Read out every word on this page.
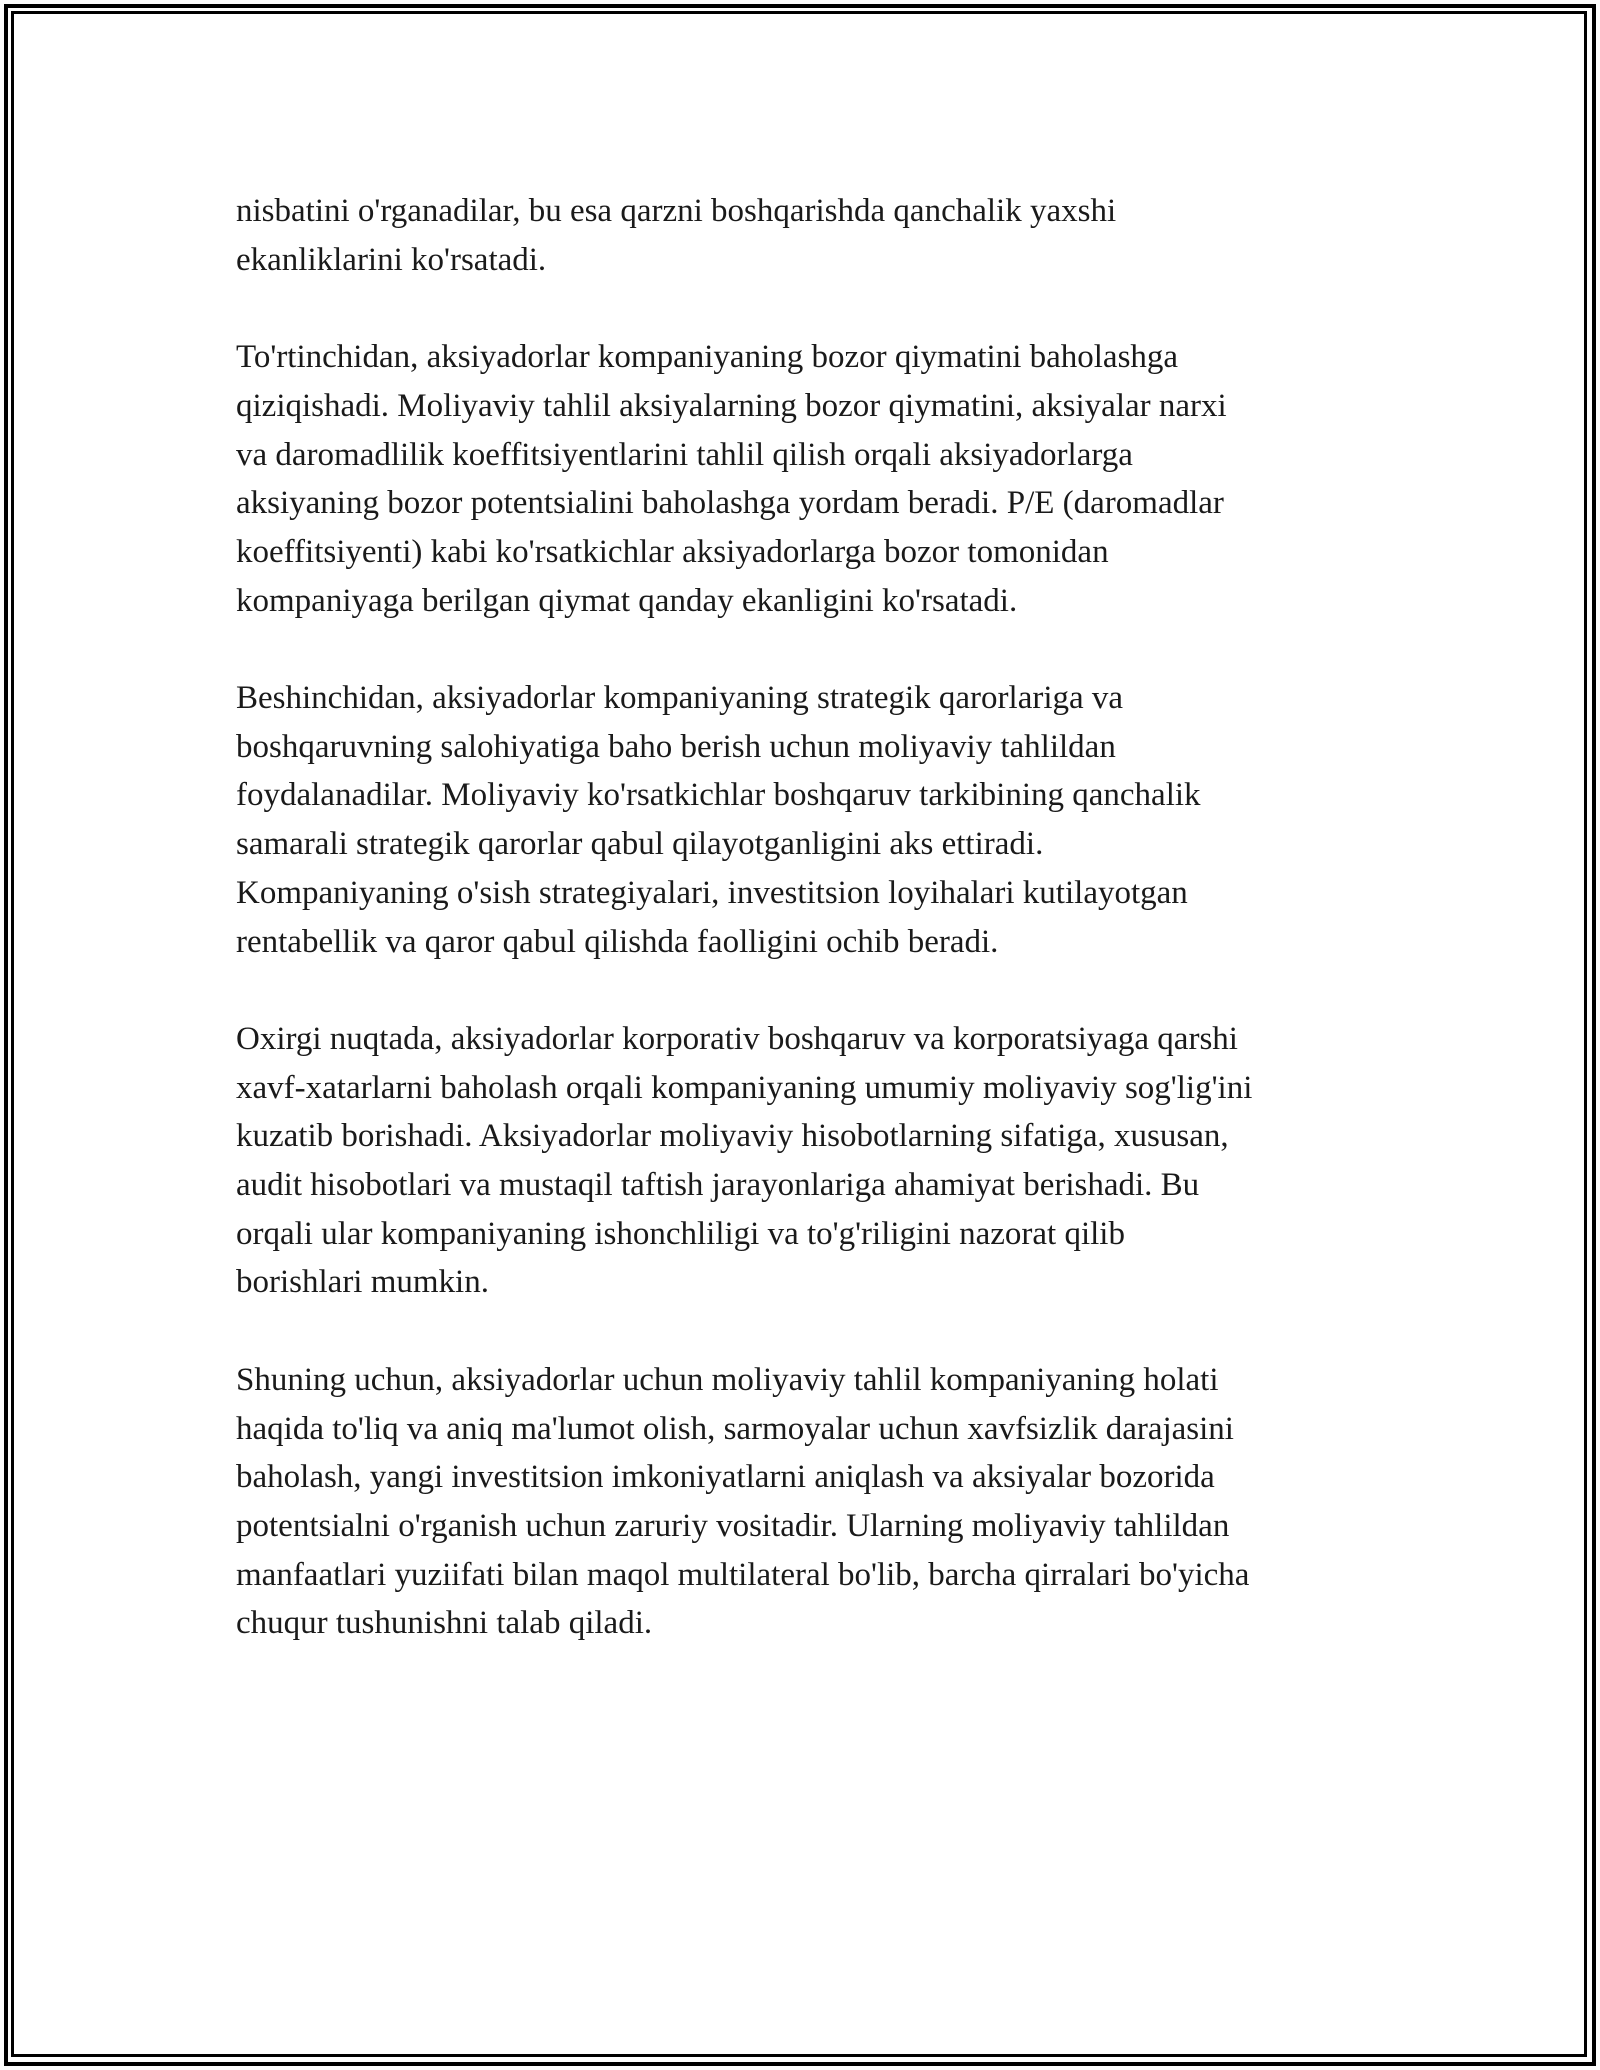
nisbatini o'rganadilar, bu esa qarzni boshqarishda qanchalik yaxshi
ekanliklarini ko'rsatadi.

To'rtinchidan, aksiyadorlar kompaniyaning bozor qiymatini baholashga
qiziqishadi. Moliyaviy tahlil aksiyalarning bozor qiymatini, aksiyalar narxi
va daromadlilik koeffitsiyentlarini tahlil qilish orqali aksiyadorlarga
aksiyaning bozor potentsialini baholashga yordam beradi. P/E (daromadlar
koeffitsiyenti) kabi ko'rsatkichlar aksiyadorlarga bozor tomonidan
kompaniyaga berilgan qiymat qanday ekanligini ko'rsatadi.

Beshinchidan, aksiyadorlar kompaniyaning strategik qarorlariga va
boshqaruvning salohiyatiga baho berish uchun moliyaviy tahlildan
foydalanadilar. Moliyaviy ko'rsatkichlar boshqaruv tarkibining qanchalik
samarali strategik qarorlar qabul qilayotganligini aks ettiradi.
Kompaniyaning o'sish strategiyalari, investitsion loyihalari kutilayotgan
rentabellik va qaror qabul qilishda faolligini ochib beradi.

Oxirgi nuqtada, aksiyadorlar korporativ boshqaruv va korporatsiyaga qarshi
xavf-xatarlarni baholash orqali kompaniyaning umumiy moliyaviy sog'lig'ini
kuzatib borishadi. Aksiyadorlar moliyaviy hisobotlarning sifatiga, xususan,
audit hisobotlari va mustaqil taftish jarayonlariga ahamiyat berishadi. Bu
orqali ular kompaniyaning ishonchliligi va to'g'riligini nazorat qilib
borishlari mumkin.

Shuning uchun, aksiyadorlar uchun moliyaviy tahlil kompaniyaning holati
haqida to'liq va aniq ma'lumot olish, sarmoyalar uchun xavfsizlik darajasini
baholash, yangi investitsion imkoniyatlarni aniqlash va aksiyalar bozorida
potentsialni o'rganish uchun zaruriy vositadir. Ularning moliyaviy tahlildan
manfaatlari yuziifati bilan maqol multilateral bo'lib, barcha qirralari bo'yicha
chuqur tushunishni talab qiladi.
